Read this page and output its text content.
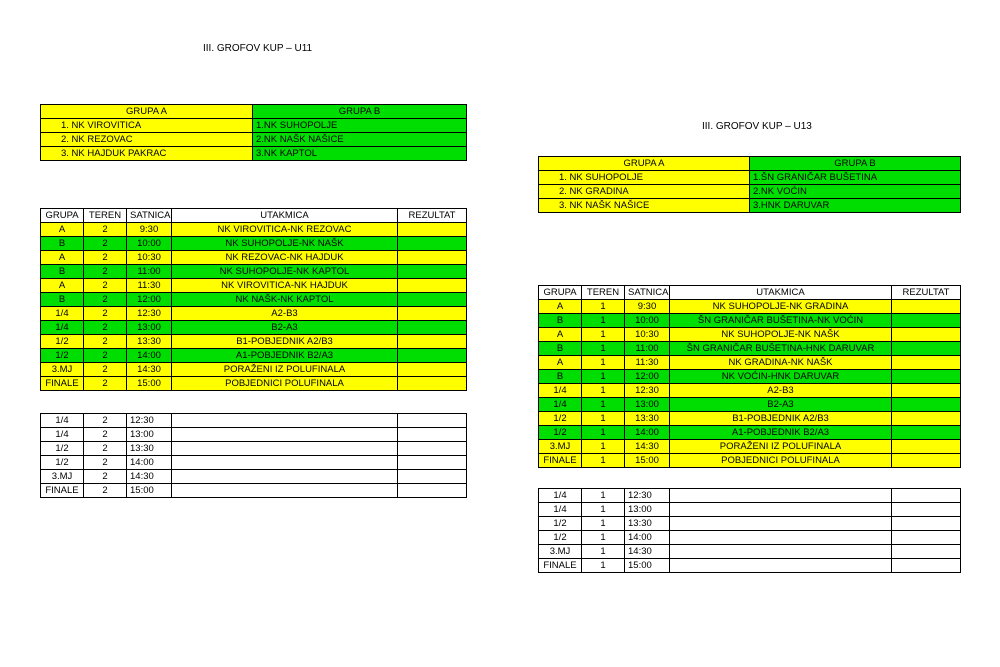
III. GROFOV KUP – U11
GRUPA A	GRUPA B
1. NK VIROVITICA	1.NK SUHOPOLJE
2. NK REZOVAC	2.NK NAŠK NAŠICE
3. NK HAJDUK PAKRAC	3.NK KAPTOL
GRUPA	TEREN	SATNICA	UTAKMICA	REZULTAT
A	2	9:30	NK VIROVITICA-NK REZOVAC	
B	2	10:00	NK SUHOPOLJE-NK NAŠK	
A	2	10:30	NK REZOVAC-NK HAJDUK	
B	2	11:00	NK SUHOPOLJE-NK KAPTOL	
A	2	11:30	NK VIROVITICA-NK HAJDUK	
B	2	12:00	NK NAŠK-NK KAPTOL	
1/4	2	12:30	A2-B3	
1/4	2	13:00	B2-A3	
1/2	2	13:30	B1-POBJEDNIK A2/B3	
1/2	2	14:00	A1-POBJEDNIK B2/A3	
3.MJ	2	14:30	PORAŽENI IZ POLUFINALA	
FINALE	2	15:00	POBJEDNICI POLUFINALA	
1/4	2	12:30		
1/4	2	13:00		
1/2	2	13:30		
1/2	2	14:00		
3.MJ	2	14:30		
FINALE	2	15:00		
III. GROFOV KUP – U13
GRUPA A	GRUPA B
1. NK SUHOPOLJE	1.ŠN GRANIČAR BUŠETINA
2. NK GRADINA	2.NK VOĆIN
3. NK NAŠK NAŠICE	3.HNK DARUVAR
GRUPA	TEREN	SATNICA	UTAKMICA	REZULTAT
A	1	9:30	NK SUHOPOLJE-NK GRADINA	
B	1	10:00	ŠN GRANIČAR BUŠETINA-NK VOĆIN	
A	1	10:30	NK SUHOPOLJE-NK NAŠK	
B	1	11:00	ŠN GRANIČAR BUŠETINA-HNK DARUVAR	
A	1	11:30	NK GRADINA-NK NAŠK	
B	1	12:00	NK VOĆIN-HNK DARUVAR	
1/4	1	12:30	A2-B3	
1/4	1	13:00	B2-A3	
1/2	1	13:30	B1-POBJEDNIK A2/B3	
1/2	1	14:00	A1-POBJEDNIK B2/A3	
3.MJ	1	14:30	PORAŽENI IZ POLUFINALA	
FINALE	1	15:00	POBJEDNICI POLUFINALA	
1/4	1	12:30		
1/4	1	13:00		
1/2	1	13:30		
1/2	1	14:00		
3.MJ	1	14:30		
FINALE	1	15:00		
